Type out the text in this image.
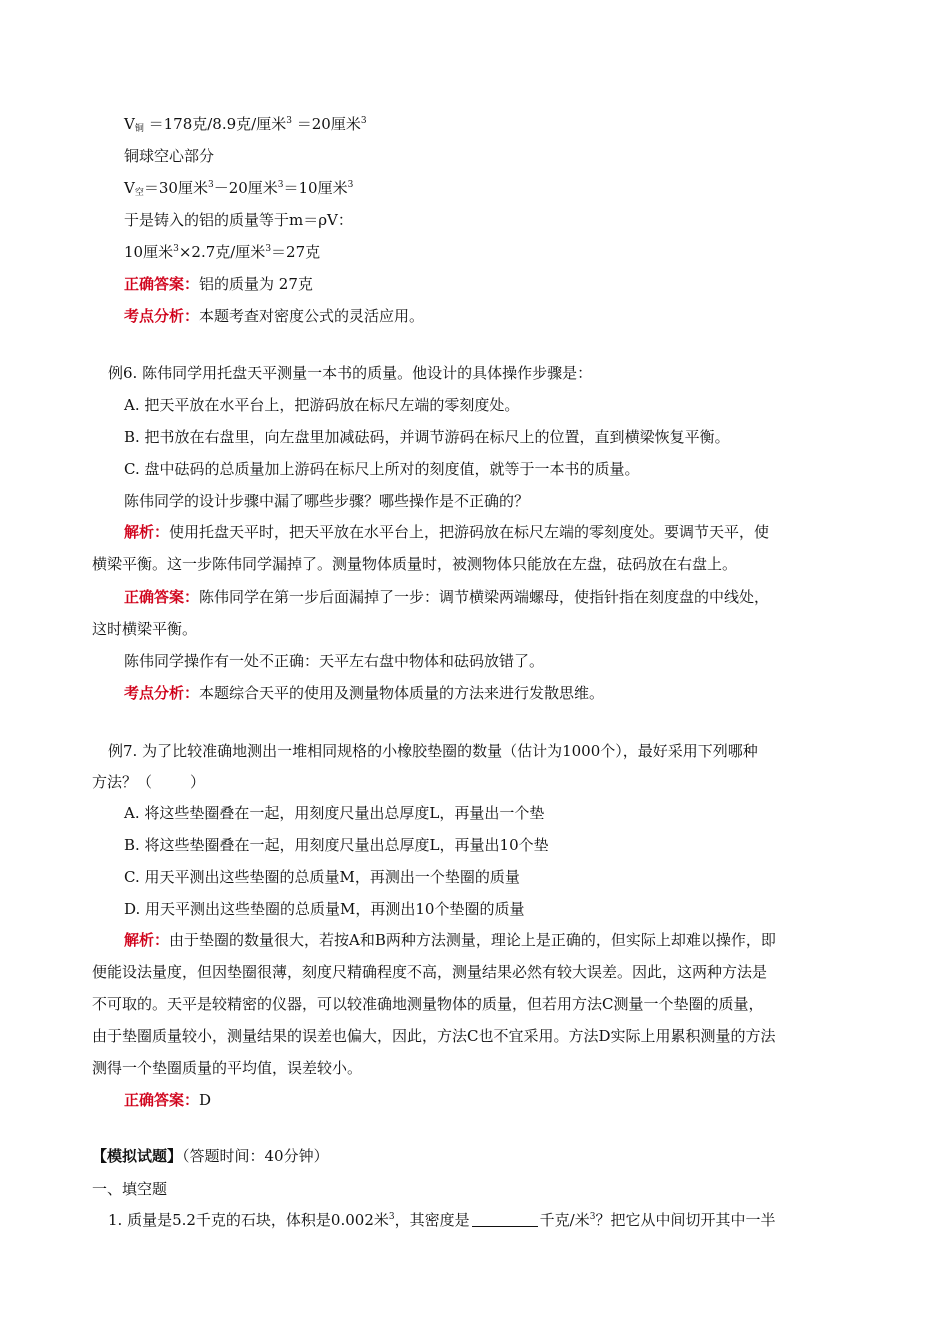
$V_铜 =178$克/8.9克/厘米$^3$ ＝20厘米$^3$
铜球空心部分
$V_空=30$厘米$^3$－20厘米$^3$＝10厘米$^3$
于是铸入的铝的质量等于m＝ρV：
10厘米$^3$×2.7克/厘米$^3$＝27克
正确答案：铝的质量为 27克
考点分析：本题考查对密度公式的灵活应用。
例6. 陈伟同学用托盘天平测量一本书的质量。他设计的具体操作步骤是：
A. 把天平放在水平台上，把游码放在标尺左端的零刻度处。
B. 把书放在右盘里，向左盘里加减砝码，并调节游码在标尺上的位置，直到横梁恢复平衡。
C. 盘中砝码的总质量加上游码在标尺上所对的刻度值，就等于一本书的质量。
陈伟同学的设计步骤中漏了哪些步骤？哪些操作是不正确的？
解析：使用托盘天平时，把天平放在水平台上，把游码放在标尺左端的零刻度处。要调节天平，使
横梁平衡。这一步陈伟同学漏掉了。测量物体质量时，被测物体只能放在左盘，砝码放在右盘上。
正确答案：陈伟同学在第一步后面漏掉了一步：调节横梁两端螺母，使指针指在刻度盘的中线处，
这时横梁平衡。
陈伟同学操作有一处不正确：天平左右盘中物体和砝码放错了。
考点分析：本题综合天平的使用及测量物体质量的方法来进行发散思维。
例7. 为了比较准确地测出一堆相同规格的小橡胶垫圈的数量（估计为1000个），最好采用下列哪种
方法？（	）
A. 将这些垫圈叠在一起，用刻度尺量出总厚度L，再量出一个垫
B. 将这些垫圈叠在一起，用刻度尺量出总厚度L，再量出10个垫
C. 用天平测出这些垫圈的总质量M，再测出一个垫圈的质量
D. 用天平测出这些垫圈的总质量M，再测出10个垫圈的质量
解析：由于垫圈的数量很大，若按A和B两种方法测量，理论上是正确的，但实际上却难以操作，即
便能设法量度，但因垫圈很薄，刻度尺精确程度不高，测量结果必然有较大误差。因此，这两种方法是
不可取的。天平是较精密的仪器，可以较准确地测量物体的质量，但若用方法C测量一个垫圈的质量，
由于垫圈质量较小，测量结果的误差也偏大，因此，方法C也不宜采用。方法D实际上用累积测量的方法
测得一个垫圈质量的平均值，误差较小。
正确答案：D
【模拟试题】（答题时间：40分钟）
一、填空题
1. 质量是5.2千克的石块，体积是0.002米$^3$，其密度是	千克/米$^3$？把它从中间切开其中一半
